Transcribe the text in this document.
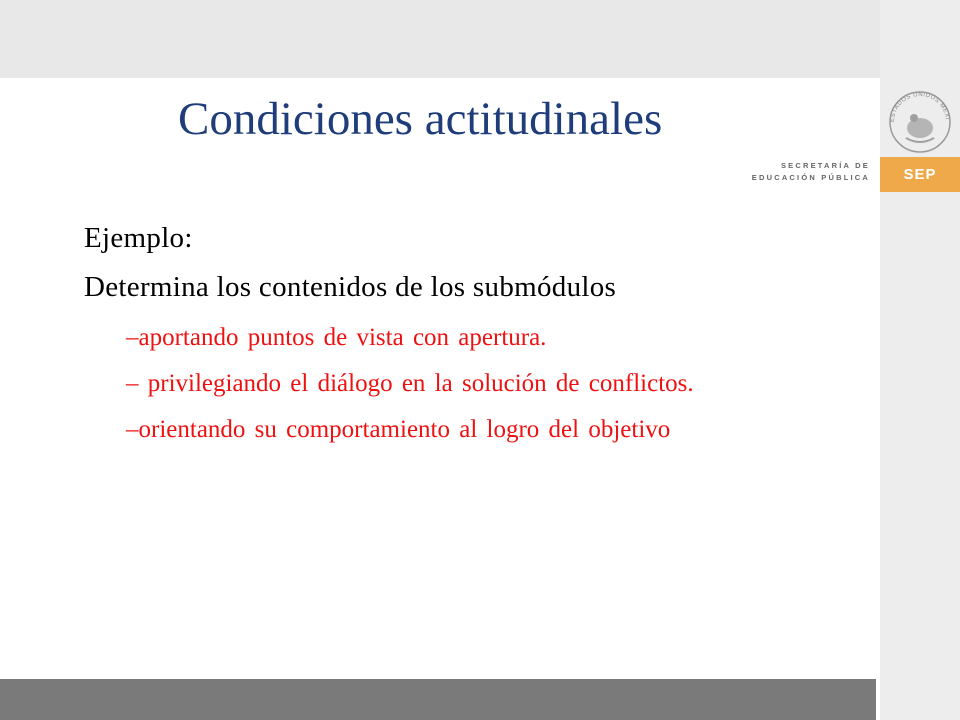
ESTADOS UNIDOS MEXI
SEP
SECRETARÍA DE
EDUCACIÓN PÚBLICA
Condiciones actitudinales

Ejemplo:

Determina los contenidos de los submódulos

–aportando puntos de vista con apertura.

– privilegiando el diálogo en la solución de conflictos.

–orientando su comportamiento al logro del objetivo
